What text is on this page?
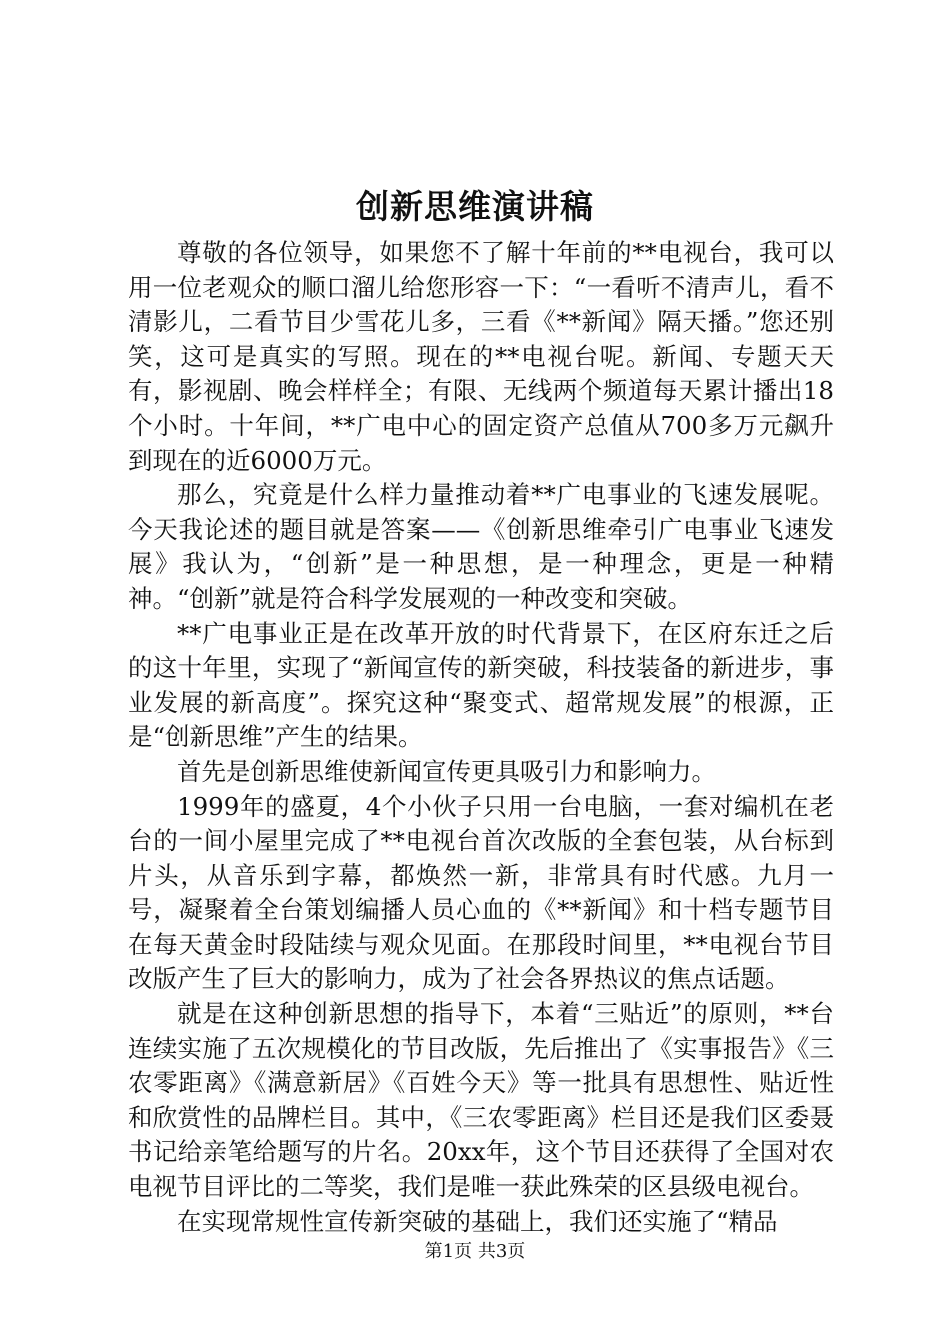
创新思维演讲稿

尊敬的各位领导，如果您不了解十年前的**电视台，我可以用一位老观众的顺口溜儿给您形容一下：“一看听不清声儿，看不清影儿，二看节目少雪花儿多，三看《**新闻》隔天播。”您还别笑，这可是真实的写照。现在的**电视台呢。新闻、专题天天有，影视剧、晚会样样全；有限、无线两个频道每天累计播出18个小时。十年间，**广电中心的固定资产总值从700多万元飙升到现在的近6000万元。

那么，究竟是什么样力量推动着**广电事业的飞速发展呢。今天我论述的题目就是答案——《创新思维牵引广电事业飞速发展》我认为，“创新”是一种思想，是一种理念，更是一种精神。“创新”就是符合科学发展观的一种改变和突破。

**广电事业正是在改革开放的时代背景下，在区府东迁之后的这十年里，实现了“新闻宣传的新突破，科技装备的新进步，事业发展的新高度”。探究这种“聚变式、超常规发展”的根源，正是“创新思维”产生的结果。

首先是创新思维使新闻宣传更具吸引力和影响力。

1999年的盛夏，4个小伙子只用一台电脑，一套对编机在老台的一间小屋里完成了**电视台首次改版的全套包装，从台标到片头，从音乐到字幕，都焕然一新，非常具有时代感。九月一号，凝聚着全台策划编播人员心血的《**新闻》和十档专题节目在每天黄金时段陆续与观众见面。在那段时间里，**电视台节目改版产生了巨大的影响力，成为了社会各界热议的焦点话题。

就是在这种创新思想的指导下，本着“三贴近”的原则，**台连续实施了五次规模化的节目改版，先后推出了《实事报告》《三农零距离》《满意新居》《百姓今天》等一批具有思想性、贴近性和欣赏性的品牌栏目。其中，《三农零距离》栏目还是我们区委聂书记给亲笔给题写的片名。20xx年，这个节目还获得了全国对农电视节目评比的二等奖，我们是唯一获此殊荣的区县级电视台。

在实现常规性宣传新突破的基础上，我们还实施了“精品

第1页 共3页
